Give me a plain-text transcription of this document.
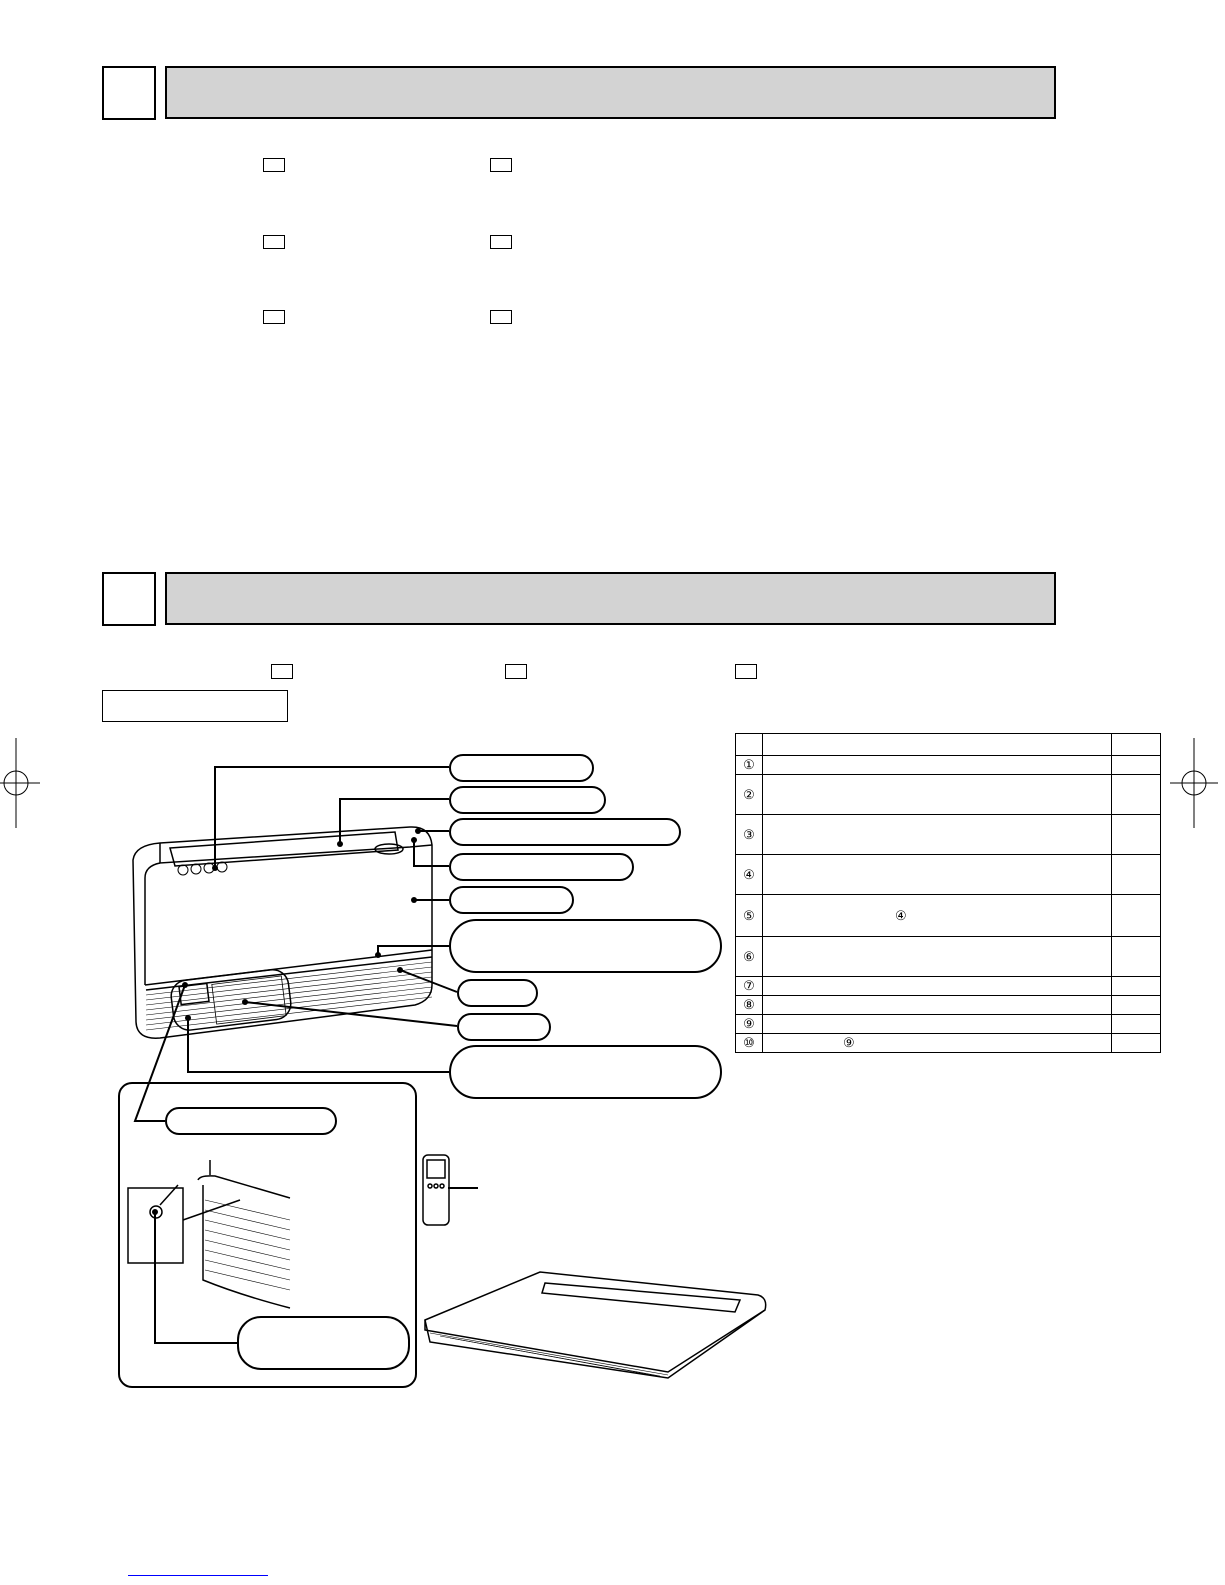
①		
②		
③		
④		
⑤	④	
⑥		
⑦		
⑧		
⑨		
⑩	⑨	
